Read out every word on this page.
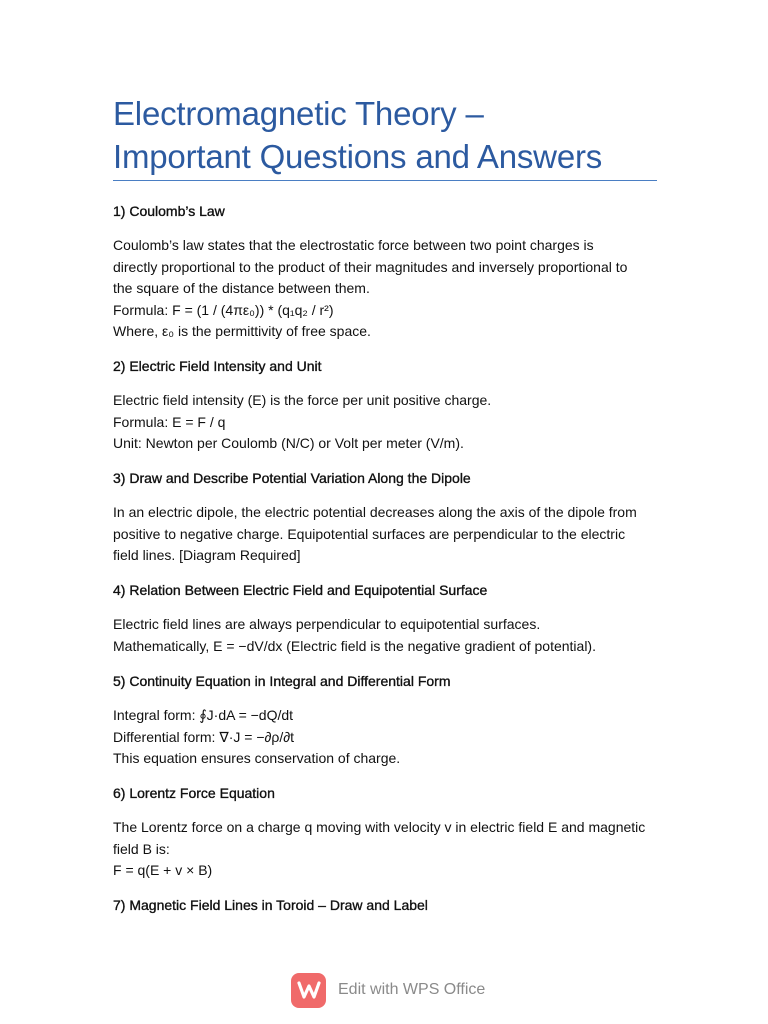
Electromagnetic Theory –
Important Questions and Answers
1) Coulomb’s Law
Coulomb’s law states that the electrostatic force between two point charges is
directly proportional to the product of their magnitudes and inversely proportional to
the square of the distance between them.
Formula: F = (1 / (4πε₀)) * (q₁q₂ / r²)
Where, ε₀ is the permittivity of free space.
2) Electric Field Intensity and Unit
Electric field intensity (E) is the force per unit positive charge.
Formula: E = F / q
Unit: Newton per Coulomb (N/C) or Volt per meter (V/m).
3) Draw and Describe Potential Variation Along the Dipole
In an electric dipole, the electric potential decreases along the axis of the dipole from
positive to negative charge. Equipotential surfaces are perpendicular to the electric
field lines. [Diagram Required]
4) Relation Between Electric Field and Equipotential Surface
Electric field lines are always perpendicular to equipotential surfaces.
Mathematically, E = −dV/dx (Electric field is the negative gradient of potential).
5) Continuity Equation in Integral and Differential Form
Integral form: ∮J·dA = −dQ/dt
Differential form: ∇·J = −∂ρ/∂t
This equation ensures conservation of charge.
6) Lorentz Force Equation
The Lorentz force on a charge q moving with velocity v in electric field E and magnetic
field B is:
F = q(E + v × B)
7) Magnetic Field Lines in Toroid – Draw and Label
Edit with WPS Office
